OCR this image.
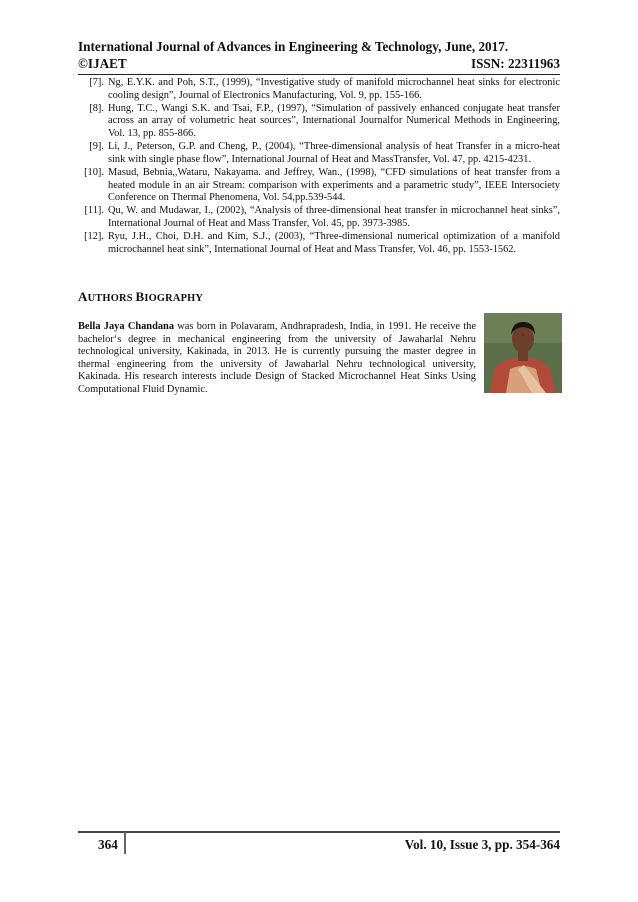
International Journal of Advances in Engineering & Technology, June, 2017.
©IJAET	ISSN: 22311963
[7]. Ng, E.Y.K. and Poh, S.T., (1999), “Investigative study of manifold microchannel heat sinks for electronic cooling design”, Journal of Electronics Manufacturing, Vol. 9, pp. 155-166.
[8]. Hung, T.C., Wangi S.K. and Tsai, F.P., (1997), “Simulation of passively enhanced conjugate heat transfer across an array of volumetric heat sources”, International Journalfor Numerical Methods in Engineering, Vol. 13, pp. 855-866.
[9]. Li, J., Peterson, G.P. and Cheng, P., (2004), “Three-dimensional analysis of heat Transfer in a micro-heat sink with single phase flow”, International Journal of Heat and MassTransfer, Vol. 47, pp. 4215-4231.
[10]. Masud, Bebnia,,Wataru, Nakayama. and Jeffrey, Wan., (1998), “CFD simulations of heat transfer from a heated module in an air Stream: comparison with experiments and a parametric study”, IEEE Intersociety Conference on Thermal Phenomena, Vol. 54,pp.539-544.
[11]. Qu, W. and Mudawar, I., (2002), “Analysis of three-dimensional heat transfer in microchannel heat sinks”, International Journal of Heat and Mass Transfer, Vol. 45, pp. 3973-3985.
[12]. Ryu, J.H., Choi, D.H. and Kim, S.J., (2003), “Three-dimensional numerical optimization of a manifold microchannel heat sink”, International Journal of Heat and Mass Transfer, Vol. 46, pp. 1553-1562.
AUTHORS BIOGRAPHY
Bella Jaya Chandana was born in Polavaram, Andhrapradesh, India, in 1991. He receive the bachelor‘s degree in mechanical engineering from the university of Jawaharlal Nehru technological university, Kakinada, in 2013. He is currently pursuing the master degree in thermal engineering from the university of Jawaharlal Nehru technological university, Kakinada. His research interests include Design of Stacked Microchannel Heat Sinks Using Computational Fluid Dynamic.
364	Vol. 10, Issue 3, pp. 354-364
